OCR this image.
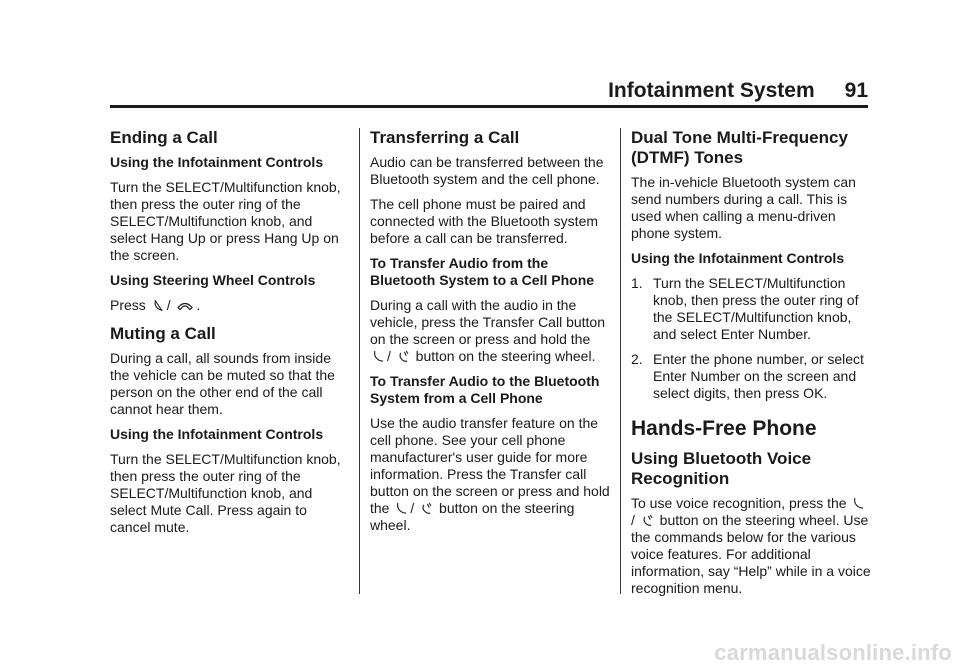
Infotainment System 91
Ending a Call
Using the Infotainment Controls

Turn the SELECT/Multifunction knob, then press the outer ring of the SELECT/Multifunction knob, and select Hang Up or press Hang Up on the screen.

Using Steering Wheel Controls

Press / .

Muting a Call

During a call, all sounds from inside the vehicle can be muted so that the person on the other end of the call cannot hear them.

Using the Infotainment Controls

Turn the SELECT/Multifunction knob, then press the outer ring of the SELECT/Multifunction knob, and select Mute Call. Press again to cancel mute.

Transferring a Call

Audio can be transferred between the Bluetooth system and the cell phone.

The cell phone must be paired and connected with the Bluetooth system before a call can be transferred.

To Transfer Audio from the Bluetooth System to a Cell Phone

During a call with the audio in the vehicle, press the Transfer Call button on the screen or press and hold the / button on the steering wheel.

To Transfer Audio to the Bluetooth System from a Cell Phone

Use the audio transfer feature on the cell phone. See your cell phone manufacturer's user guide for more information. Press the Transfer call button on the screen or press and hold the / button on the steering wheel.

Dual Tone Multi-Frequency (DTMF) Tones

The in-vehicle Bluetooth system can send numbers during a call. This is used when calling a menu-driven phone system.

Using the Infotainment Controls
1. Turn the SELECT/Multifunction knob, then press the outer ring of the SELECT/Multifunction knob, and select Enter Number.
2. Enter the phone number, or select Enter Number on the screen and select digits, then press OK.
Hands-Free Phone
Using Bluetooth Voice Recognition

To use voice recognition, press the / button on the steering wheel. Use the commands below for the various voice features. For additional information, say “Help” while in a voice recognition menu.

carmanualsonline.info
